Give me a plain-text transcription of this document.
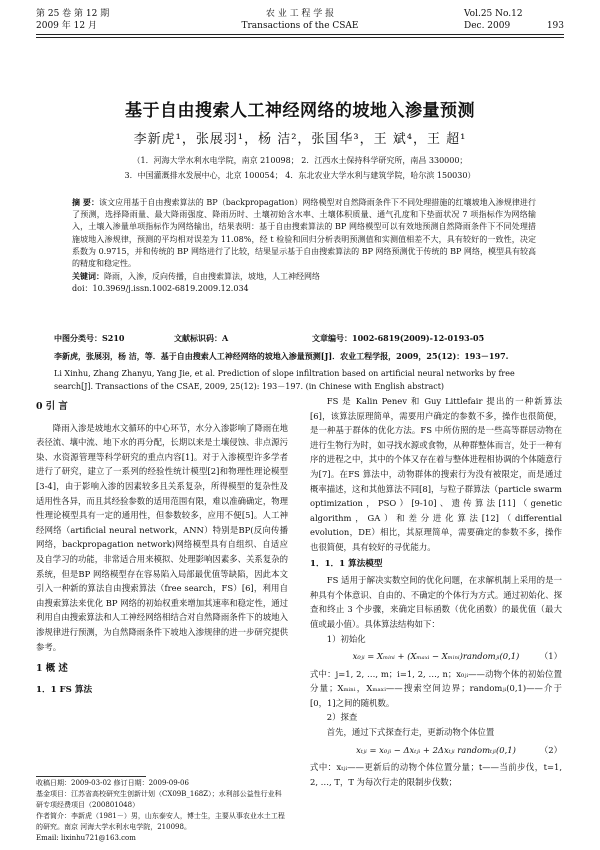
第 25 卷 第 12 期
2009 年 12 月
农 业 工 程 学 报
Transactions of the CSAE
Vol.25 No.12
Dec. 2009	193
基于自由搜索人工神经网络的坡地入渗量预测
李新虎¹，张展羽¹，杨 洁²，张国华³，王 斌⁴，王 超¹
（1．河海大学水利水电学院，南京 210098； 2．江西水土保持科学研究所，南昌 330000；
3．中国灌溉排水发展中心，北京 100054； 4．东北农业大学水利与建筑学院，哈尔滨 150030）
摘 要：该文应用基于自由搜索算法的 BP（backpropagation）网络模型对自然降雨条件下不同处理措施的红壤坡地入渗规律进行了预测，选择降雨量、最大降雨强度、降雨历时、土壤初始含水率、土壤体积质量、通气孔度和下垫面状况 7 项指标作为网络输入，土壤入渗量单项指标作为网络输出，结果表明：基于自由搜索算法的 BP 网络模型可以有效地预测自然降雨条件下不同处理措施坡地入渗规律，预测的平均相对误差为 11.08%，经 t 检验和回归分析表明预测值和实测值相差不大，具有较好的一致性，决定系数为 0.9715，并和传统的 BP 网络进行了比较，结果显示基于自由搜索算法的 BP 网络预测优于传统的 BP 网络，模型具有较高的精度和稳定性。
关键词：降雨，入渗，反向传播，自由搜索算法，坡地，人工神经网络
doi：10.3969/j.issn.1002-6819.2009.12.034
中图分类号：S210	文献标识码：A	文章编号：1002-6819(2009)-12-0193-05
李新虎，张展羽，杨 洁，等．基于自由搜索人工神经网络的坡地入渗量预测[J]．农业工程学报，2009，25(12)：193－197.
Li Xinhu, Zhang Zhanyu, Yang Jie, et al. Prediction of slope infiltration based on artificial neural networks by free search[J]. Transactions of the CSAE, 2009, 25(12): 193－197. (in Chinese with English abstract)
0 引 言

降雨入渗是坡地水文循环的中心环节，水分入渗影响了降雨在地表径流、壤中流、地下水的再分配，长期以来是土壤侵蚀、非点源污染、水资源管理等科学研究的重点内容[1]。对于入渗模型许多学者进行了研究，建立了一系列的经验性统计模型[2]和物理性理论模型[3-4]，由于影响入渗的因素较多且关系复杂，所得模型的复杂性及适用性各异，而且其经验参数的适用范围有限，难以准确确定，物理性理论模型具有一定的通用性，但参数较多，应用不便[5]。人工神经网络（artificial neural network，ANN）特别是BP(反向传播网络，backpropagation network)网络模型具有自组织、自适应及自学习的功能，非常适合用来模拟、处理影响因素多、关系复杂的系统，但是BP 网络模型存在容易陷入局部最优值等缺陷，因此本文引入一种新的算法自由搜索算法（free search，FS）[6]，利用自由搜索算法来优化 BP 网络的初始权重来增加其速率和稳定性，通过利用自由搜索算法和人工神经网络相结合对自然降雨条件下的坡地入渗规律进行预测，为自然降雨条件下坡地入渗规律的进一步研究提供参考。

1 概 述
1．1 FS 算法
收稿日期：2009-03-02 修订日期：2009-09-06
基金项目：江苏省高校研究生创新计划（CX09B_168Z）；水利部公益性行业科研专项经费项目（200801048）
作者简介：李新虎（1981－）男，山东泰安人，博士生，主要从事农业水土工程的研究。南京 河海大学水利水电学院，210098。
Email: lixinhu721@163.com

FS 是 Kalin Penev 和 Guy Littlefair 提出的一种新算法[6]，该算法原理简单，需要用户确定的参数不多，操作也很简便，是一种基于群体的优化方法。FS 中所仿照的是一些高等群居动物在进行生物行为时，如寻找水源或食物，从种群整体而言，处于一种有序的进程之中，其中的个体又存在着与整体进程相协调的个体随意行为[7]。在FS 算法中，动物群体的搜索行为没有被限定，而是通过概率描述，这和其他算法不同[8]，与粒子群算法（particle swarm optimization，PSO）[9-10]、遗传算法[11]（genetic algorithm，GA）和差分进化算法[12]（differential evolution，DE）相比，其原理简单，需要确定的参数不多，操作也很简便，具有较好的寻优能力。

1．1．1 算法模型

FS 适用于解决实数空间的优化问题，在求解机制上采用的是一种具有个体意识、自由的、不确定的个体行为方式。通过初始化、探查和终止 3 个步骤，来确定目标函数（优化函数）的最优值（最大值或最小值）。具体算法结构如下：

1）初始化
x₀ⱼᵢ = Xₘᵢₙᵢ + (Xₘₐₓᵢ − Xₘᵢₙᵢ)randomⱼᵢ(0,1) （1）

式中：j=1, 2, …, m；i=1, 2, …, n；x₀ⱼᵢ——动物个体的初始位置分量；Xₘᵢₙᵢ，Xₘₐₓᵢ——搜索空间边界；randomⱼᵢ(0,1)——介于[0，1]之间的随机数。

2）探查

首先，通过下式探查行走，更新动物个体位置

xₜⱼᵢ = x₀ⱼᵢ − Δxₜⱼᵢ + 2Δxₜⱼᵢ randomₜⱼᵢ(0,1)	（2）

式中：xₜⱼᵢ——更新后的动物个体位置分量；t——当前步伐，t=1, 2, …, T，T 为每次行走的限制步伐数；
